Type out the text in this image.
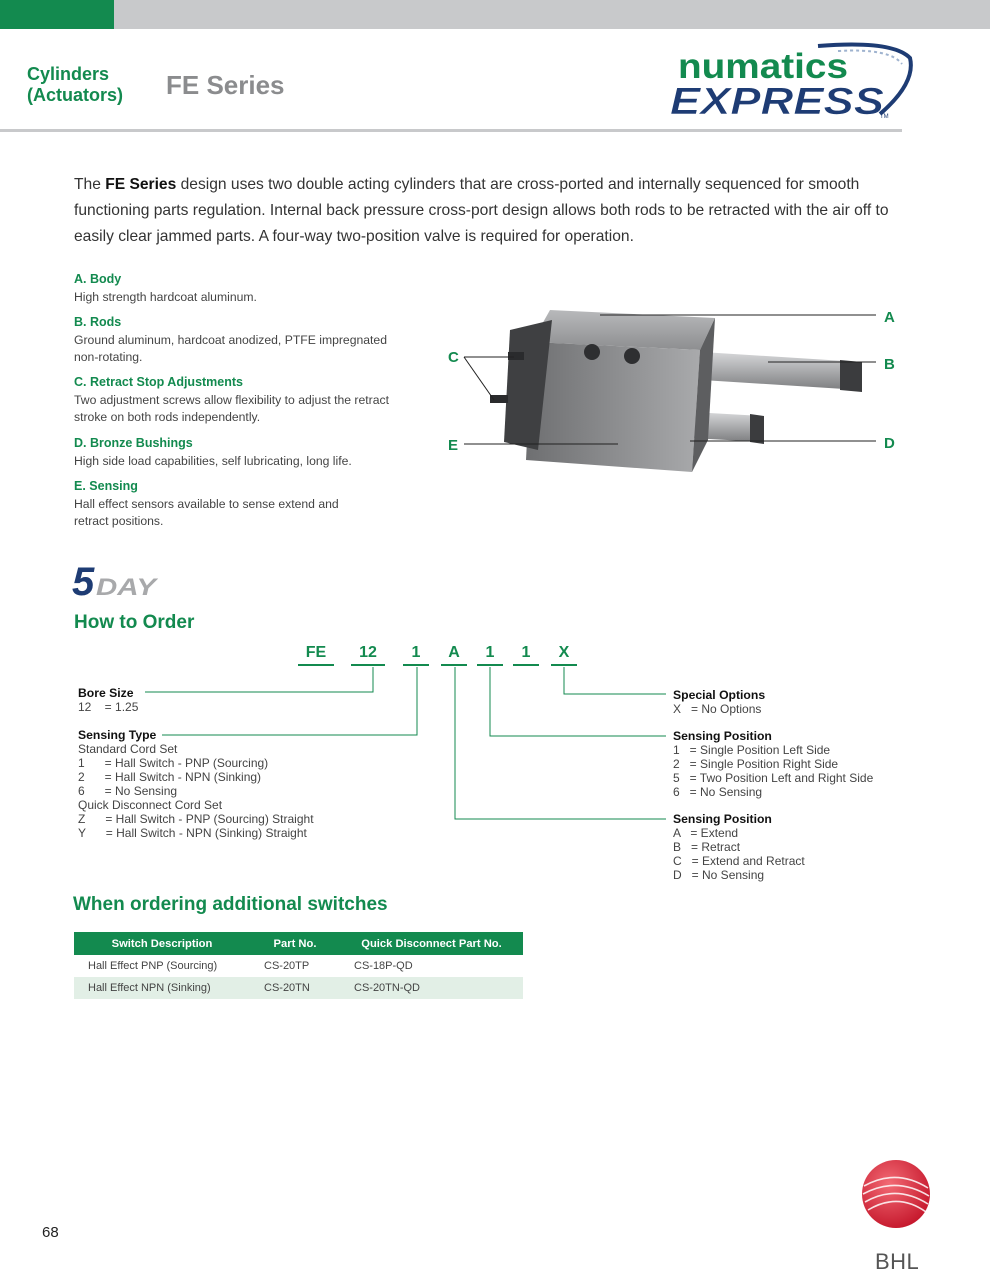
Cylinders
(Actuators) FE Series	numatics
EXPRESS
TM
The FE Series design uses two double acting cylinders that are cross-ported and internally sequenced for smooth functioning parts regulation. Internal back pressure cross-port design allows both rods to be retracted with the air off to easily clear jammed parts. A four-way two-position valve is required for operation.
A. Body
High strength hardcoat aluminum.
B. Rods
Ground aluminum, hardcoat anodized, PTFE impregnated non-rotating.
C. Retract Stop Adjustments
Two adjustment screws allow flexibility to adjust the retract stroke on both rods independently.
D. Bronze Bushings
High side load capabilities, self lubricating, long life.
E. Sensing
Hall effect sensors available to sense extend and retract positions.
A
B
C
D
E
5 DAY
How to Order
FE	12	1	A	1	1	X
Bore Size
12    = 1.25
Sensing Type
Standard Cord Set
1      = Hall Switch - PNP (Sourcing)
2      = Hall Switch - NPN (Sinking)
6      = No Sensing
Quick Disconnect Cord Set
Z      = Hall Switch - PNP (Sourcing) Straight
Y      = Hall Switch - NPN (Sinking) Straight
Special Options
X   = No Options
Sensing Position
1   = Single Position Left Side
2   = Single Position Right Side
5   = Two Position Left and Right Side
6   = No Sensing
Sensing Position
A   = Extend
B   = Retract
C   = Extend and Retract
D   = No Sensing
When ordering additional switches
Switch Description	Part No.	Quick Disconnect Part No.
Hall Effect PNP (Sourcing)	CS-20TP	CS-18P-QD
Hall Effect NPN (Sinking)	CS-20TN	CS-20TN-QD
68
BHL
